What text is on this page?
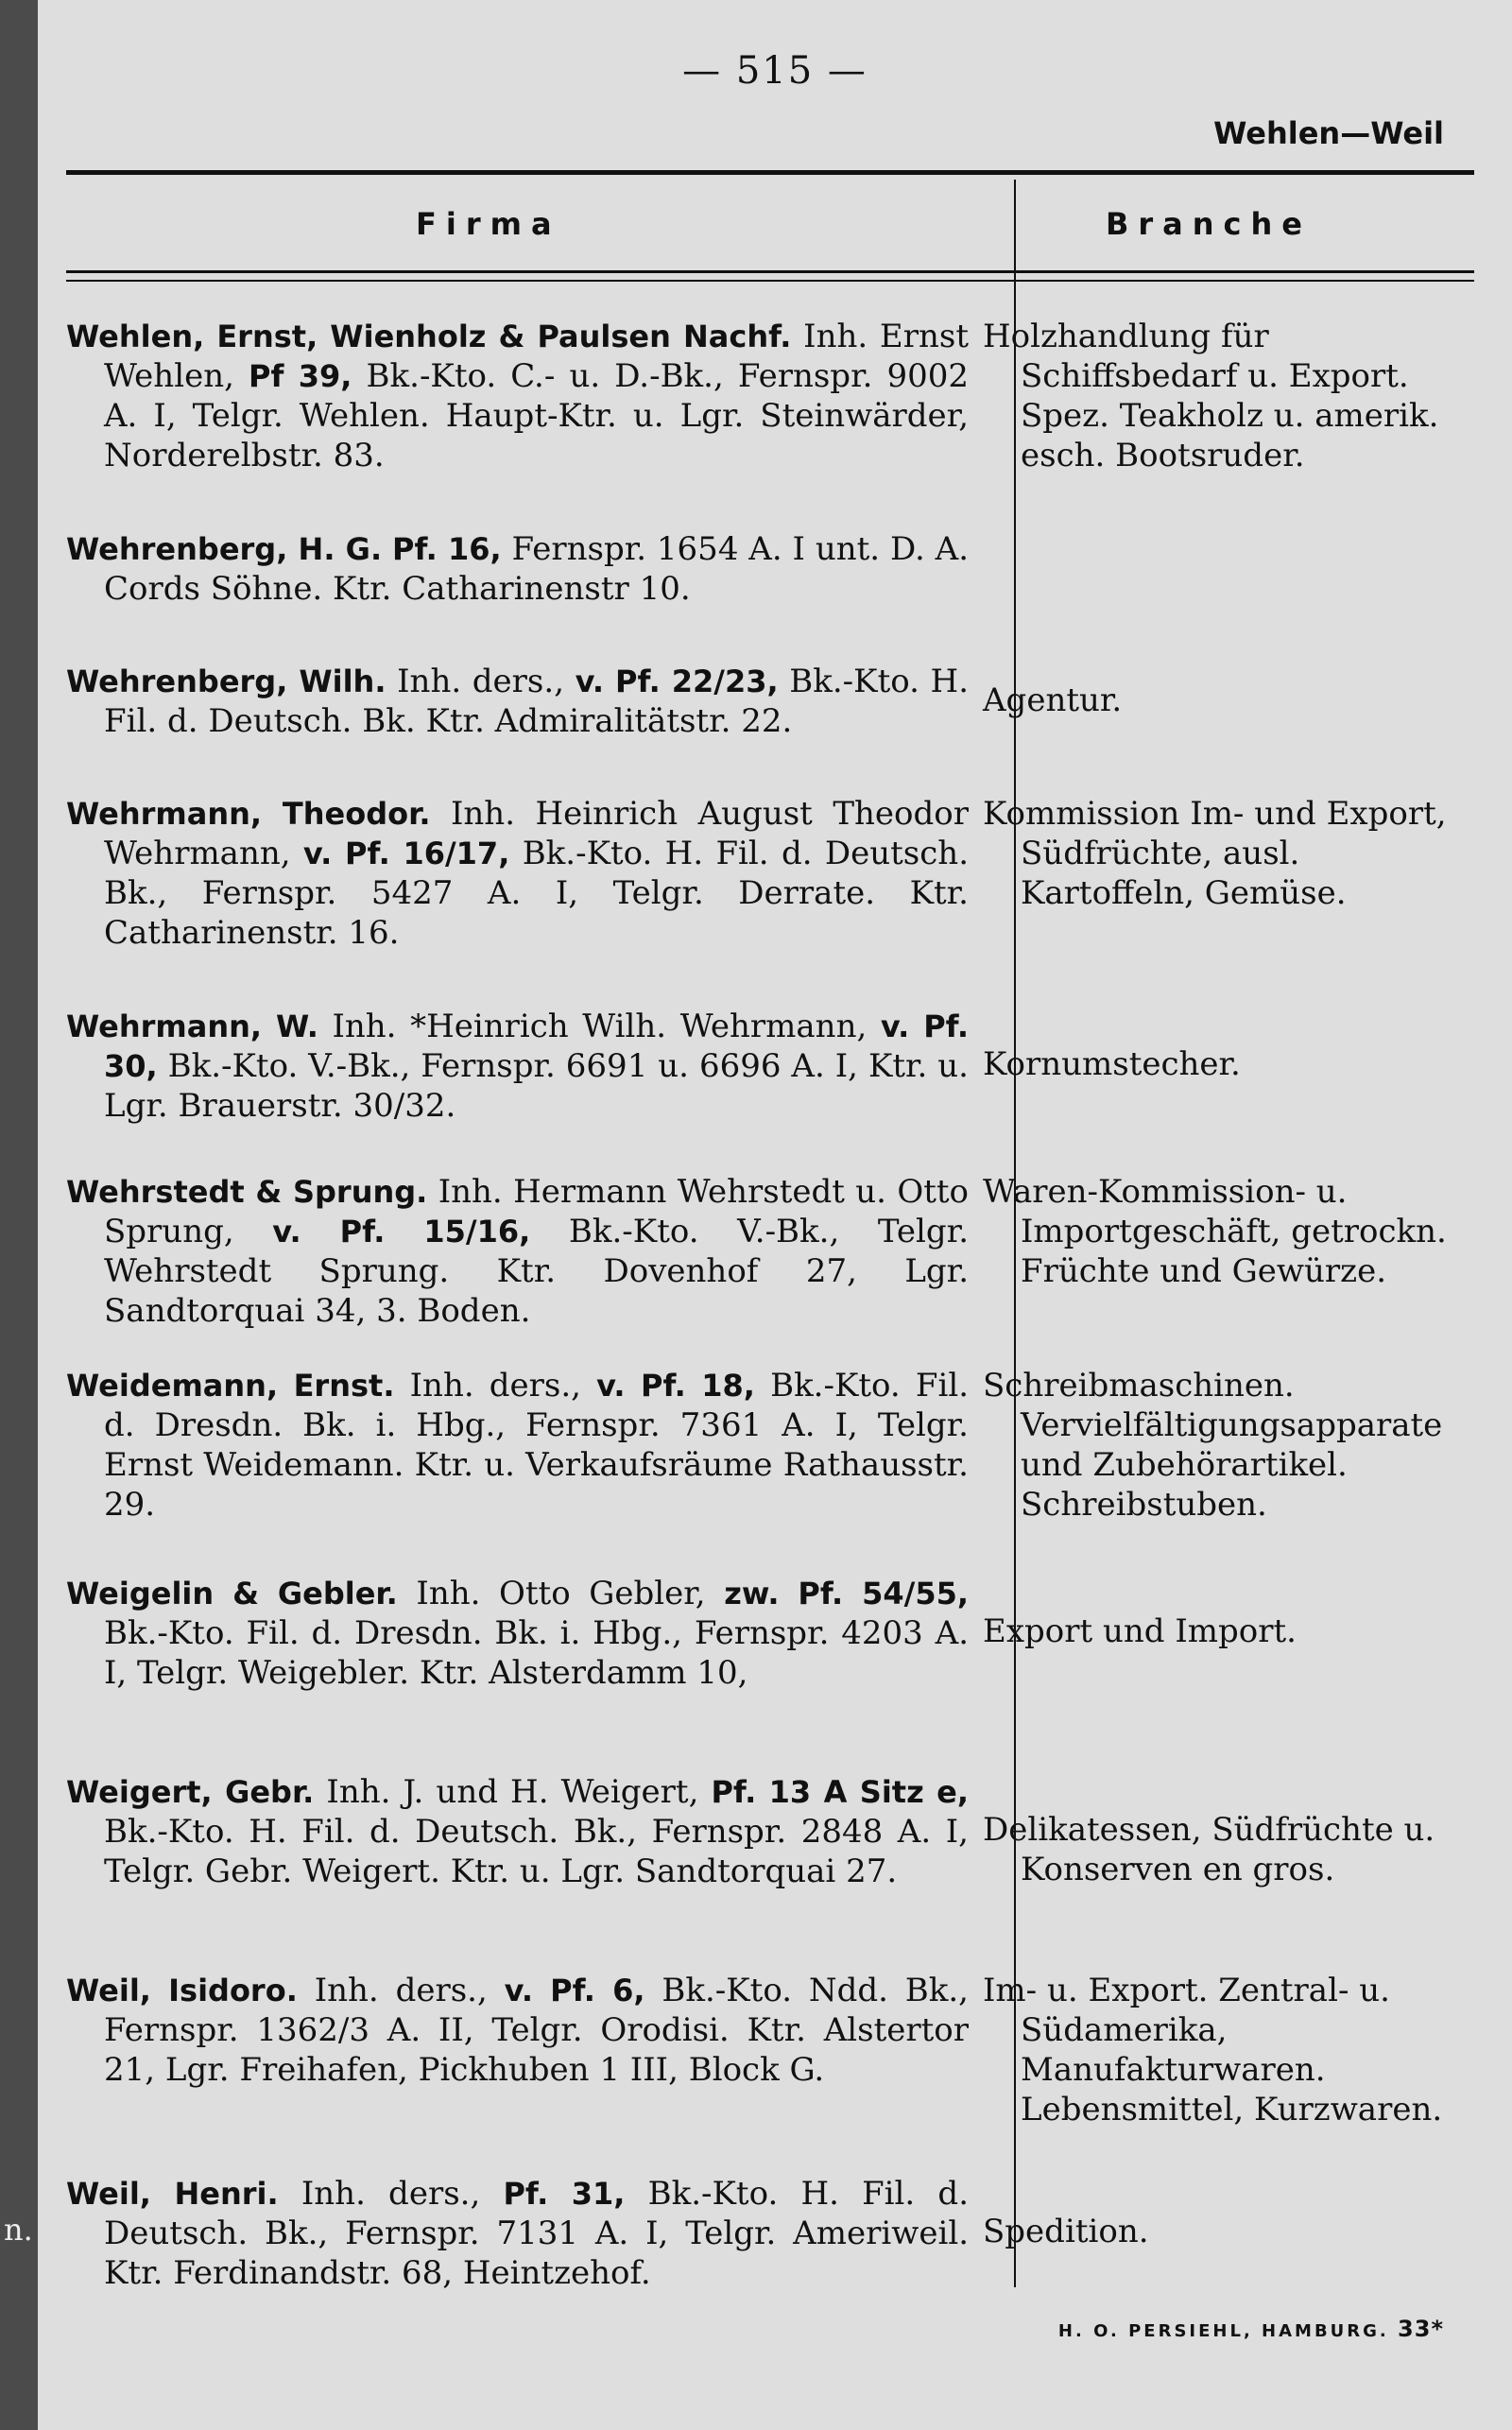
— 515 —
Wehlen—Weil
Firma	Branche
Wehlen, Ernst, Wienholz & Paulsen Nachf. Inh. Ernst Wehlen, Pf 39, Bk.-Kto. C.- u. D.-Bk., Fernspr. 9002 A. I, Telgr. Wehlen. Haupt-Ktr. u. Lgr. Steinwärder, Norderelbstr. 83.
Holzhandlung für Schiffsbedarf u. Export. Spez. Teakholz u. amerik. esch. Bootsruder.
Wehrenberg, H. G. Pf. 16, Fernspr. 1654 A. I unt. D. A. Cords Söhne. Ktr. Catharinenstr 10.
Wehrenberg, Wilh. Inh. ders., v. Pf. 22/23, Bk.-Kto. H. Fil. d. Deutsch. Bk. Ktr. Admiralitätstr. 22.
Agentur.
Wehrmann, Theodor. Inh. Heinrich August Theodor Wehrmann, v. Pf. 16/17, Bk.-Kto. H. Fil. d. Deutsch. Bk., Fernspr. 5427 A. I, Telgr. Derrate. Ktr. Catharinenstr. 16.
Kommission Im- und Export, Südfrüchte, ausl. Kartoffeln, Gemüse.
Wehrmann, W. Inh. *Heinrich Wilh. Wehrmann, v. Pf. 30, Bk.-Kto. V.-Bk., Fernspr. 6691 u. 6696 A. I, Ktr. u. Lgr. Brauerstr. 30/32.
Kornumstecher.
Wehrstedt & Sprung. Inh. Hermann Wehrstedt u. Otto Sprung, v. Pf. 15/16, Bk.-Kto. V.-Bk., Telgr. Wehrstedt Sprung. Ktr. Dovenhof 27, Lgr. Sandtorquai 34, 3. Boden.
Waren-Kommission- u. Importgeschäft, getrockn. Früchte und Gewürze.
Weidemann, Ernst. Inh. ders., v. Pf. 18, Bk.-Kto. Fil. d. Dresdn. Bk. i. Hbg., Fernspr. 7361 A. I, Telgr. Ernst Weidemann. Ktr. u. Verkaufsräume Rathausstr. 29.
Schreibmaschinen. Vervielfältigungsapparate und Zubehörartikel. Schreibstuben.
Weigelin & Gebler. Inh. Otto Gebler, zw. Pf. 54/55, Bk.-Kto. Fil. d. Dresdn. Bk. i. Hbg., Fernspr. 4203 A. I, Telgr. Weigebler. Ktr. Alsterdamm 10,
Export und Import.
Weigert, Gebr. Inh. J. und H. Weigert, Pf. 13 A Sitz e, Bk.-Kto. H. Fil. d. Deutsch. Bk., Fernspr. 2848 A. I, Telgr. Gebr. Weigert. Ktr. u. Lgr. Sandtorquai 27.
Delikatessen, Südfrüchte u. Konserven en gros.
Weil, Isidoro. Inh. ders., v. Pf. 6, Bk.-Kto. Ndd. Bk., Fernspr. 1362/3 A. II, Telgr. Orodisi. Ktr. Alstertor 21, Lgr. Freihafen, Pickhuben 1 III, Block G.
Im- u. Export. Zentral- u. Südamerika, Manufakturwaren. Lebensmittel, Kurzwaren.
Weil, Henri. Inh. ders., Pf. 31, Bk.-Kto. H. Fil. d. Deutsch. Bk., Fernspr. 7131 A. I, Telgr. Ameriweil. Ktr. Ferdinandstr. 68, Heintzehof.
Spedition.
H. O. PERSIEHL, HAMBURG. 33*
n.
